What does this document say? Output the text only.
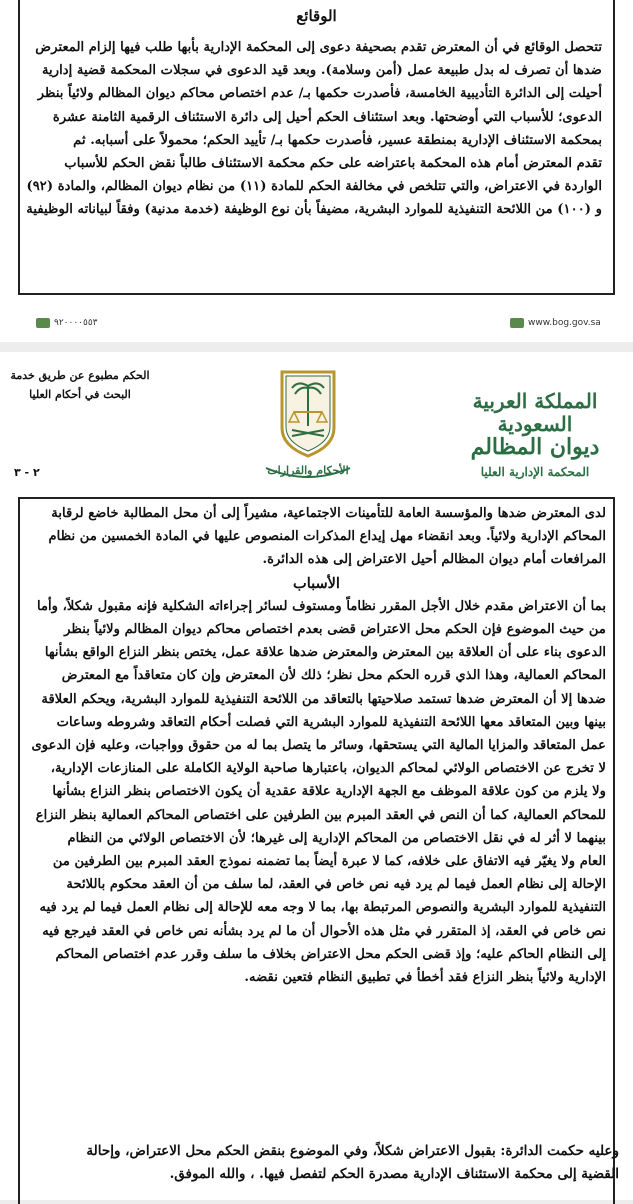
الوقائع
تتحصل الوقائع في أن المعترض تقدم بصحيفة دعوى إلى المحكمة الإدارية بأبها طلب فيها إلزام المعترض
ضدها أن تصرف له بدل طبيعة عمل (أمن وسلامة). وبعد قيد الدعوى في سجلات المحكمة قضية إدارية
أحيلت إلى الدائرة التأديبية الخامسة، فأصدرت حكمها بـ/ عدم اختصاص محاكم ديوان المظالم ولائياً بنظر
الدعوى؛ للأسباب التي أوضحتها. وبعد استئناف الحكم أحيل إلى دائرة الاستئناف الرقمية الثامنة عشرة
بمحكمة الاستئناف الإدارية بمنطقة عسير، فأصدرت حكمها بـ/ تأييد الحكم؛ محمولاً على أسبابه. ثم
تقدم المعترض أمام هذه المحكمة باعتراضه على حكم محكمة الاستئناف طالباً نقض الحكم للأسباب
الواردة في الاعتراض، والتي تتلخص في مخالفة الحكم للمادة (١١) من نظام ديوان المظالم، والمادة (٩٢)
و (١٠٠) من اللائحة التنفيذية للموارد البشرية، مضيفاً بأن نوع الوظيفة (خدمة مدنية) وفقاً لبياناته الوظيفية
www.bog.gov.sa
٩٢٠٠٠٠٥٥٣
الحكم مطبوع عن طريق خدمة
البحث في أحكام العليا
٢ - ٣	الأحكام والقرارات
المملكة العربية السعودية
ديوان المظالم
المحكمة الإدارية العليا
لدى المعترض ضدها والمؤسسة العامة للتأمينات الاجتماعية، مشيراً إلى أن محل المطالبة خاضع لرقابة
المحاكم الإدارية ولائياً. وبعد انقضاء مهل إيداع المذكرات المنصوص عليها في المادة الخمسين من نظام
المرافعات أمام ديوان المظالم أحيل الاعتراض إلى هذه الدائرة.
الأسباب
بما أن الاعتراض مقدم خلال الأجل المقرر نظاماً ومستوف لسائر إجراءاته الشكلية فإنه مقبول شكلاً، وأما
من حيث الموضوع فإن الحكم محل الاعتراض قضى بعدم اختصاص محاكم ديوان المظالم ولائياً بنظر
الدعوى بناء على أن العلاقة بين المعترض والمعترض ضدها علاقة عمل، يختص بنظر النزاع الواقع بشأنها
المحاكم العمالية، وهذا الذي قرره الحكم محل نظر؛ ذلك لأن المعترض وإن كان متعاقداً مع المعترض
ضدها إلا أن المعترض ضدها تستمد صلاحيتها بالتعاقد من اللائحة التنفيذية للموارد البشرية، ويحكم العلاقة
بينها وبين المتعاقد معها اللائحة التنفيذية للموارد البشرية التي فصلت أحكام التعاقد وشروطه وساعات
عمل المتعاقد والمزايا المالية التي يستحقها، وسائر ما يتصل بما له من حقوق وواجبات، وعليه فإن الدعوى
لا تخرج عن الاختصاص الولائي لمحاكم الديوان، باعتبارها صاحبة الولاية الكاملة على المنازعات الإدارية،
ولا يلزم من كون علاقة الموظف مع الجهة الإدارية علاقة عقدية أن يكون الاختصاص بنظر النزاع بشأنها
للمحاكم العمالية، كما أن النص في العقد المبرم بين الطرفين على اختصاص المحاكم العمالية بنظر النزاع
بينهما لا أثر له في نقل الاختصاص من المحاكم الإدارية إلى غيرها؛ لأن الاختصاص الولائي من النظام
العام ولا يغيّر فيه الاتفاق على خلافه، كما لا عبرة أيضاً بما تضمنه نموذج العقد المبرم بين الطرفين من
الإحالة إلى نظام العمل فيما لم يرد فيه نص خاص في العقد، لما سلف من أن العقد محكوم باللائحة
التنفيذية للموارد البشرية والنصوص المرتبطة بها، بما لا وجه معه للإحالة إلى نظام العمل فيما لم يرد فيه
نص خاص في العقد، إذ المتقرر في مثل هذه الأحوال أن ما لم يرد بشأنه نص خاص في العقد فيرجع فيه
إلى النظام الحاكم عليه؛ وإذ قضى الحكم محل الاعتراض بخلاف ما سلف وقرر عدم اختصاص المحاكم
الإدارية ولائياً بنظر النزاع فقد أخطأ في تطبيق النظام فتعين نقضه.
وعليه حكمت الدائرة: بقبول الاعتراض شكلاً، وفي الموضوع بنقض الحكم محل الاعتراض، وإحالة
القضية إلى محكمة الاستئناف الإدارية مصدرة الحكم لتفصل فيها. ، والله الموفق.
